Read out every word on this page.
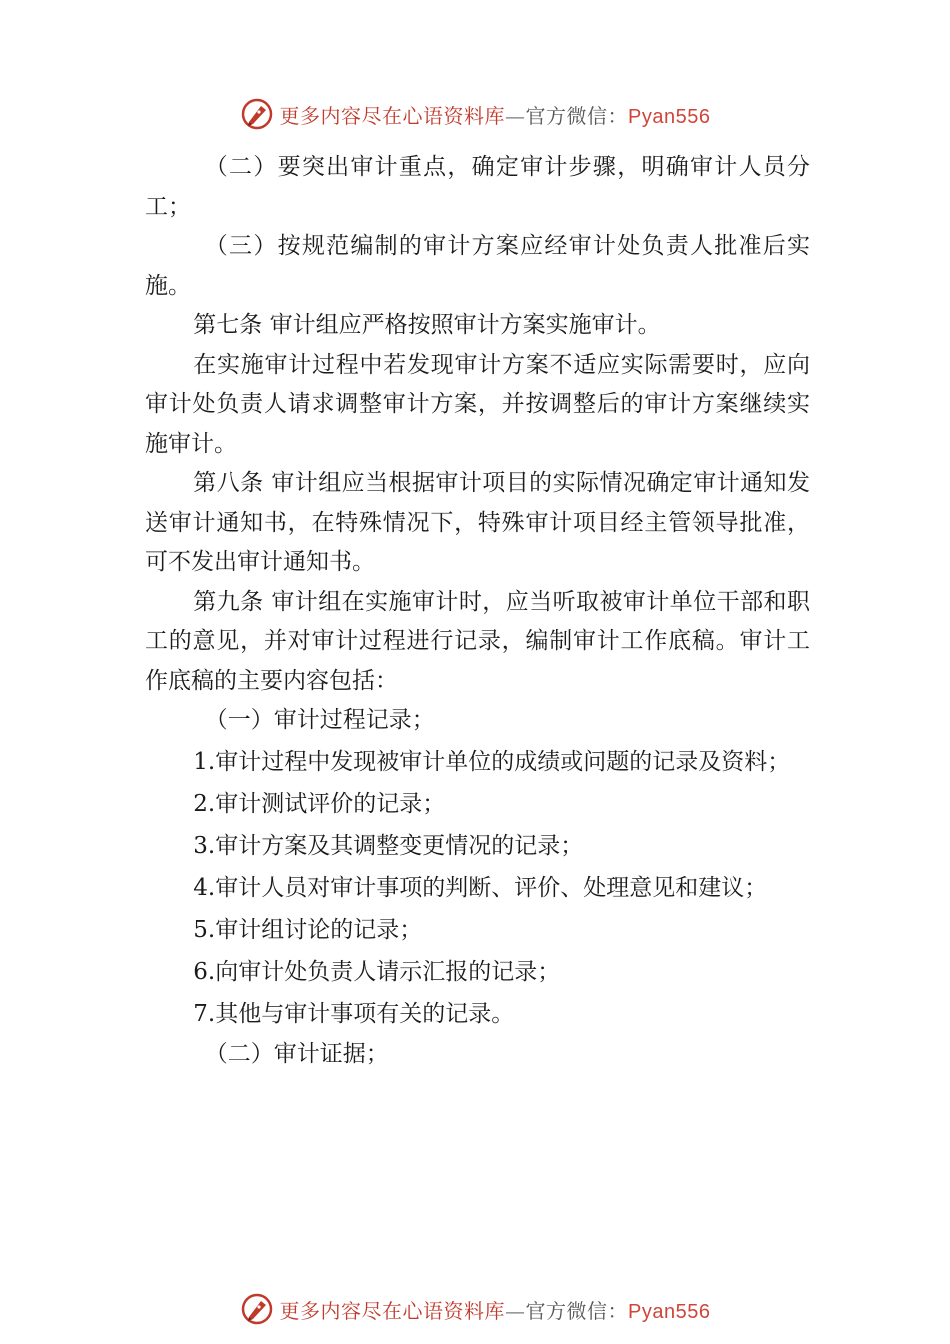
更多内容尽在心语资料库—官方微信：Pyan556

（二）要突出审计重点，确定审计步骤，明确审计人员分工；

（三）按规范编制的审计方案应经审计处负责人批准后实施。

第七条 审计组应严格按照审计方案实施审计。

在实施审计过程中若发现审计方案不适应实际需要时，应向审计处负责人请求调整审计方案，并按调整后的审计方案继续实施审计。

第八条 审计组应当根据审计项目的实际情况确定审计通知发送审计通知书，在特殊情况下，特殊审计项目经主管领导批准，可不发出审计通知书。

第九条 审计组在实施审计时，应当听取被审计单位干部和职工的意见，并对审计过程进行记录，编制审计工作底稿。审计工作底稿的主要内容包括：

（一）审计过程记录；

1.审计过程中发现被审计单位的成绩或问题的记录及资料；

2.审计测试评价的记录；

3.审计方案及其调整变更情况的记录；

4.审计人员对审计事项的判断、评价、处理意见和建议；

5.审计组讨论的记录；

6.向审计处负责人请示汇报的记录；

7.其他与审计事项有关的记录。

（二）审计证据；

更多内容尽在心语资料库—官方微信：Pyan556
